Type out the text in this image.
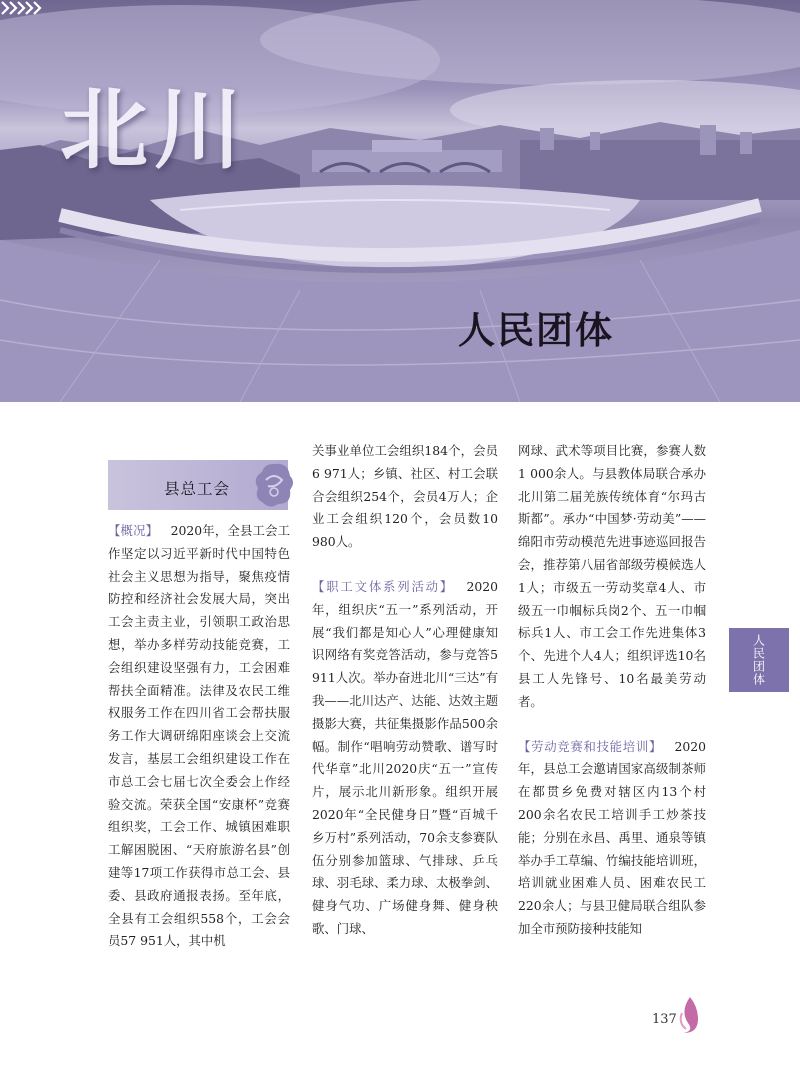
北川
人民团体
县总工会

【概况】  2020年，全县工会工作坚定以习近平新时代中国特色社会主义思想为指导，聚焦疫情防控和经济社会发展大局，突出工会主责主业，引领职工政治思想，举办多样劳动技能竞赛，工会组织建设坚强有力，工会困难帮扶全面精准。法律及农民工维权服务工作在四川省工会帮扶服务工作大调研绵阳座谈会上交流发言，基层工会组织建设工作在市总工会七届七次全委会上作经验交流。荣获全国“安康杯”竞赛组织奖，工会工作、城镇困难职工解困脱困、“天府旅游名县”创建等17项工作获得市总工会、县委、县政府通报表扬。至年底，全县有工会组织558个，工会会员57 951人，其中机

关事业单位工会组织184个，会员6 971人；乡镇、社区、村工会联合会组织254个，会员4万人；企业工会组织120个，会员数10 980人。

【职工文体系列活动】  2020年，组织庆“五一”系列活动，开展“我们都是知心人”心理健康知识网络有奖竞答活动，参与竞答5 911人次。举办奋进北川“三达”有我——北川达产、达能、达效主题摄影大赛，共征集摄影作品500余幅。制作“唱响劳动赞歌、谱写时代华章”北川2020庆“五一”宣传片，展示北川新形象。组织开展2020年“全民健身日”暨“百城千乡万村”系列活动，70余支参赛队伍分别参加篮球、气排球、乒乓球、羽毛球、柔力球、太极拳剑、健身气功、广场健身舞、健身秧歌、门球、

网球、武术等项目比赛，参赛人数1 000余人。与县教体局联合承办北川第二届羌族传统体育“尔玛古斯都”。承办“中国梦·劳动美”——绵阳市劳动模范先进事迹巡回报告会，推荐第八届省部级劳模候选人1人；市级五一劳动奖章4人、市级五一巾帼标兵岗2个、五一巾帼标兵1人、市工会工作先进集体3个、先进个人4人；组织评选10名县工人先锋号、10名最美劳动者。

【劳动竞赛和技能培训】  2020年，县总工会邀请国家高级制茶师在都贯乡免费对辖区内13个村200余名农民工培训手工炒茶技能；分别在永昌、禹里、通泉等镇举办手工草编、竹编技能培训班，培训就业困难人员、困难农民工220余人；与县卫健局联合组队参加全市预防接种技能知

人民团体
137
